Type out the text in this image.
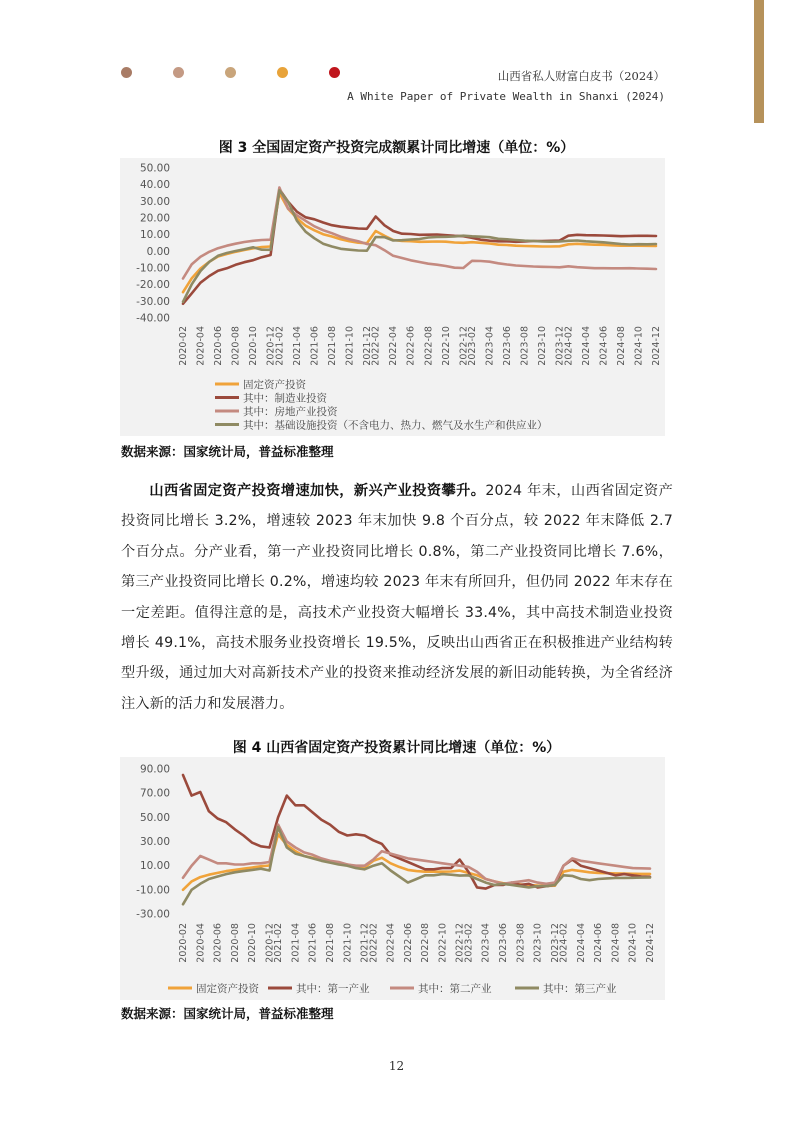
山西省私人财富白皮书（2024）
A White Paper of Private Wealth in Shanxi (2024)
图 3 全国固定资产投资完成额累计同比增速（单位：%）
50.00
40.00
30.00
20.00
10.00
0.00
-10.00
-20.00
-30.00
-40.00
2020-02 2020-04 2020-06 2020-08 2020-10 2020-12
2021-02 2021-04 2021-06 2021-08 2021-10 2021-12
2022-02 2022-04 2022-06 2022-08 2022-10 2022-12
2023-02 2023-04 2023-06 2023-08 2023-10 2023-12
2024-02 2024-04 2024-06 2024-08 2024-10 2024-12
固定资产投资
其中：制造业投资
其中：房地产业投资
其中：基础设施投资（不含电力、热力、燃气及水生产和供应业）
数据来源：国家统计局，普益标准整理
山西省固定资产投资增速加快，新兴产业投资攀升。2024 年末，山西省固定资产投资同比增长 3.2%，增速较 2023 年末加快 9.8 个百分点，较 2022 年末降低 2.7 个百分点。分产业看，第一产业投资同比增长 0.8%，第二产业投资同比增长 7.6%，第三产业投资同比增长 0.2%，增速均较 2023 年末有所回升，但仍同 2022 年末存在一定差距。值得注意的是，高技术产业投资大幅增长 33.4%，其中高技术制造业投资增长 49.1%，高技术服务业投资增长 19.5%，反映出山西省正在积极推进产业结构转型升级，通过加大对高新技术产业的投资来推动经济发展的新旧动能转换，为全省经济注入新的活力和发展潜力。
图 4 山西省固定资产投资累计同比增速（单位：%）
90.00
70.00
50.00
30.00
10.00
-10.00
-30.00
2020-02 2020-04 2020-06 2020-08 2020-10 2020-12
2021-02 2021-04 2021-06 2021-08 2021-10 2021-12
2022-02 2022-04 2022-06 2022-08 2022-10 2022-12
2023-02 2023-04 2023-06 2023-08 2023-10 2023-12
2024-02 2024-04 2024-06 2024-08 2024-10 2024-12
固定资产投资	其中：第一产业	其中：第二产业	其中：第三产业
数据来源：国家统计局，普益标准整理
12
